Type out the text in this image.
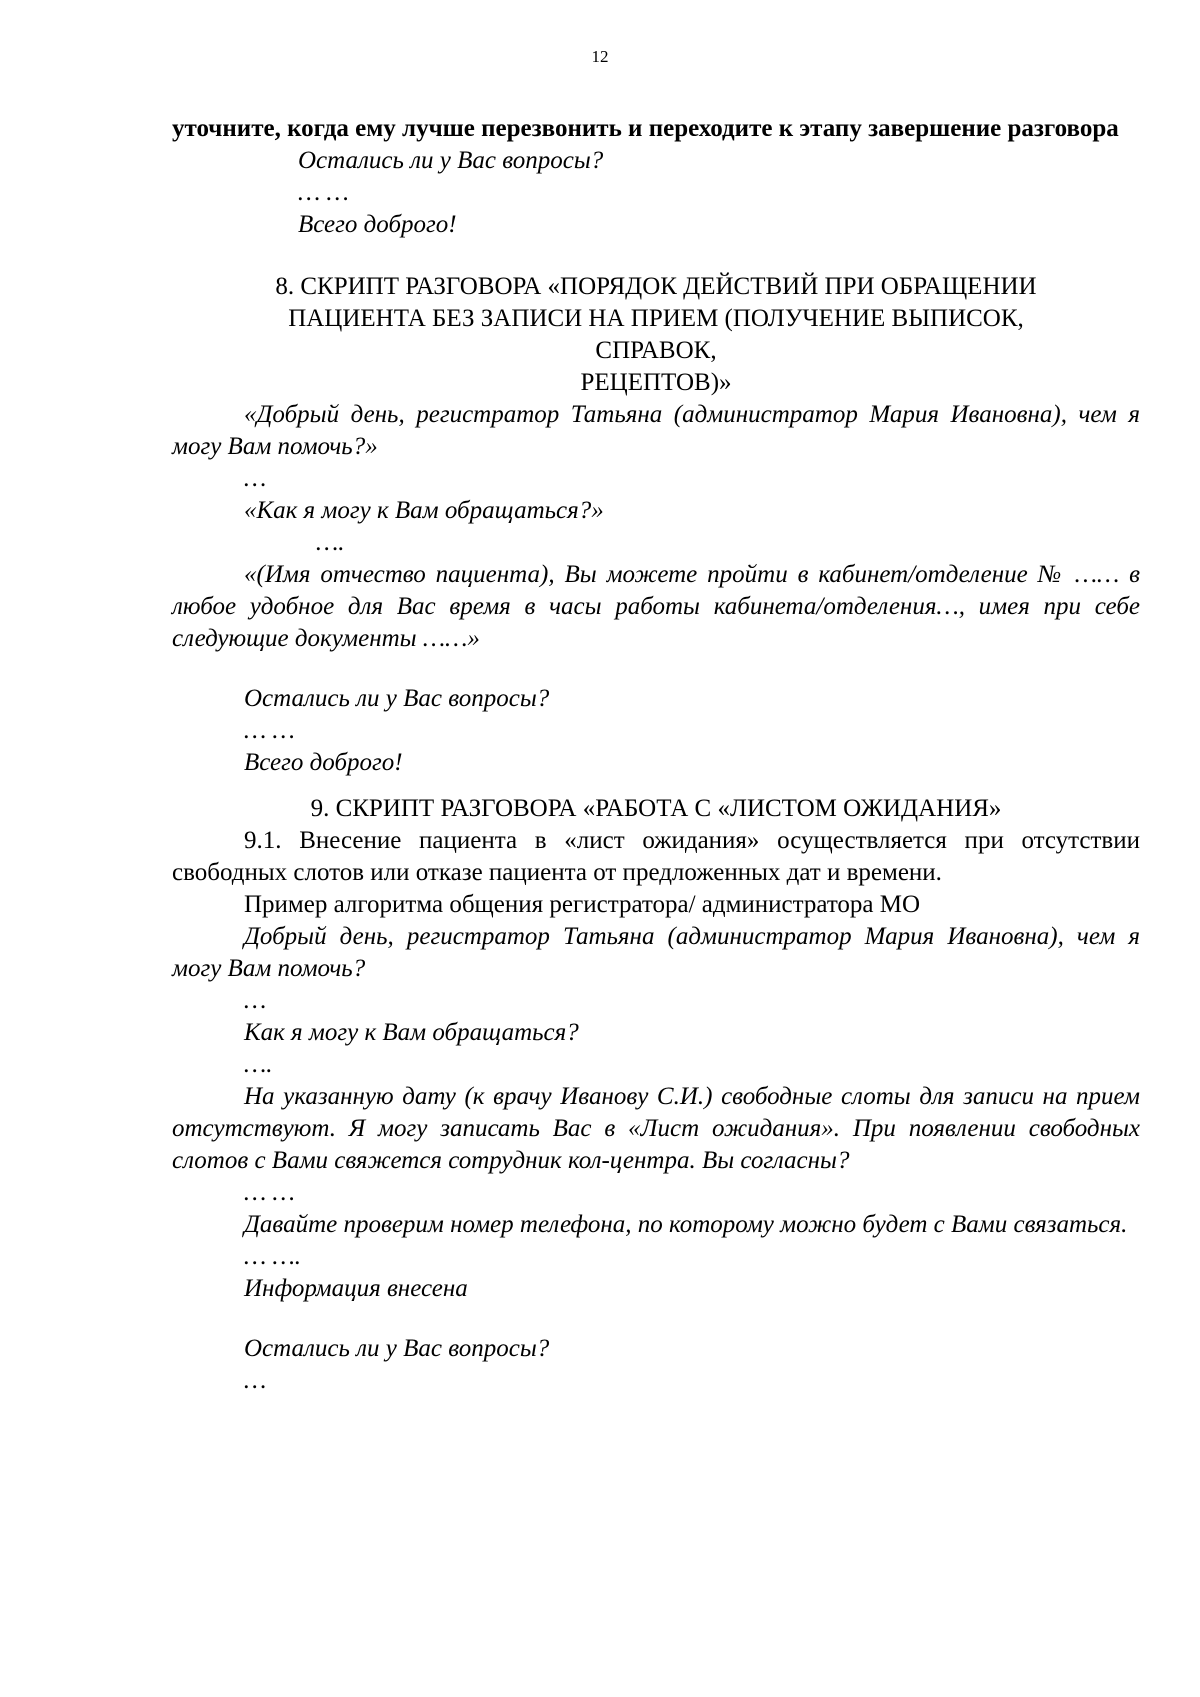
12

уточните, когда ему лучше перезвонить и переходите к этапу завершение разговора

Остались ли у Вас вопросы?

… …

Всего доброго!

8. СКРИПТ РАЗГОВОРА «ПОРЯДОК ДЕЙСТВИЙ ПРИ ОБРАЩЕНИИ

ПАЦИЕНТА БЕЗ ЗАПИСИ НА ПРИЕМ (ПОЛУЧЕНИЕ ВЫПИСОК,

СПРАВОК,

РЕЦЕПТОВ)»

«Добрый день, регистратор Татьяна (администратор Мария Ивановна), чем я могу Вам помочь?»

…

«Как я могу к Вам обращаться?»

….

«(Имя отчество пациента), Вы можете пройти в кабинет/отделение № …… в любое удобное для Вас время в часы работы кабинета/отделения…, имея при себе следующие документы ……»

Остались ли у Вас вопросы?

… …

Всего доброго!

9. СКРИПТ РАЗГОВОРА «РАБОТА С «ЛИСТОМ ОЖИДАНИЯ»

9.1. Внесение пациента в «лист ожидания» осуществляется при отсутствии свободных слотов или отказе пациента от предложенных дат и времени.

Пример алгоритма общения регистратора/ администратора МО

Добрый день, регистратор Татьяна (администратор Мария Ивановна), чем я могу Вам помочь?

…

Как я могу к Вам обращаться?

….

На указанную дату (к врачу Иванову С.И.) свободные слоты для записи на прием отсутствуют. Я могу записать Вас в «Лист ожидания». При появлении свободных слотов с Вами свяжется сотрудник кол-центра. Вы согласны?

… …

Давайте проверим номер телефона, по которому можно будет с Вами связаться.

… ….

Информация внесена

Остались ли у Вас вопросы?

…
